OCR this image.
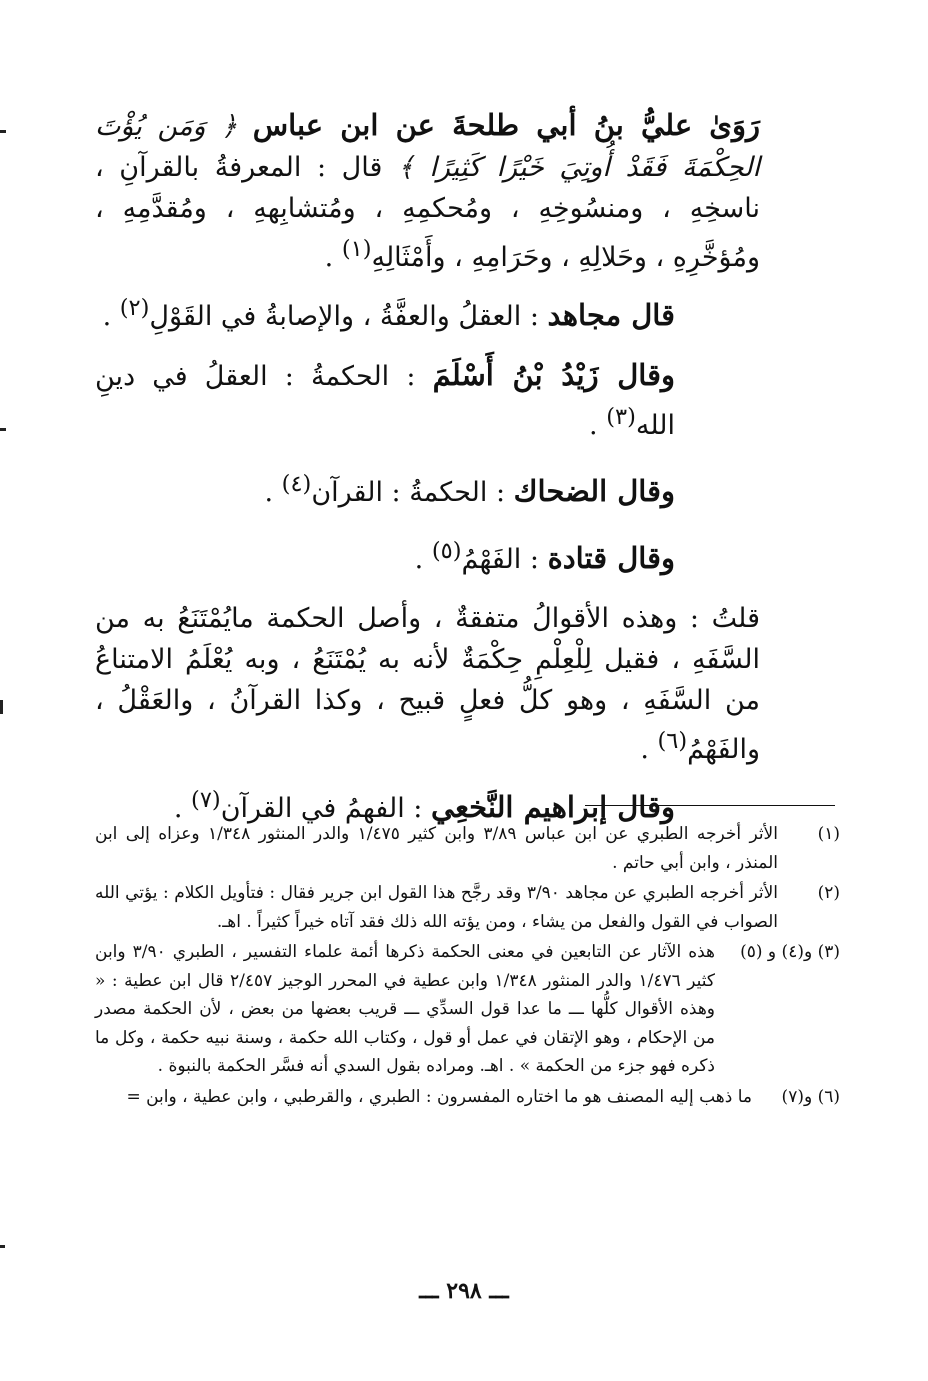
رَوَىٰ عليُّ بنُ أبي طلحةَ عن ابن عباس ﴿ وَمَن يُؤْتَ الحِكْمَةَ فَقَدْ أُوتِيَ خَيْرًا كَثِيرًا ﴾ قال : المعرفةُ بالقرآنِ ، ناسخِهِ ، ومنسُوخِهِ ، ومُحكمِهِ ، ومُتشابِههِ ، ومُقدَّمِهِ ، ومُؤخَّرِهِ ، وحَلالِهِ ، وحَرَامِهِ ، وأَمْثَالِهِ$^{(١)}$ .

قال مجاهد : العقلُ والعفَّةُ ، والإصابةُ في القَوْلِ$^{(٢)}$ .

وقال زَيْدُ بْنُ أَسْلَمَ : الحكمةُ : العقلُ في دينِ الله$^{(٣)}$ .

وقال الضحاك : الحكمةُ : القرآن$^{(٤)}$ .

وقال قتادة : الفَهْمُ$^{(٥)}$ .

قلتُ : وهذه الأقوالُ متفقةٌ ، وأصل الحكمة مايُمْتَنَعُ به من السَّفَهِ ، فقيل لِلْعِلْمِ حِكْمَةٌ لأنه به يُمْتَنَعُ ، وبه يُعْلَمُ الامتناعُ من السَّفَهِ ، وهو كلُّ فعلٍ قبيح ، وكذا القرآنُ ، والعَقْلُ ، والفَهْمُ$^{(٦)}$ .

وقال إبراهيم النَّخعِي : الفهمُ في القرآن$^{(٧)}$ .

(١)
الأثر أخرجه الطبري عن ابن عباس ٣/٨٩ وابن كثير ١/٤٧٥ والدر المنثور ١/٣٤٨ وعزاه إلى ابن المنذر ، وابن أبي حاتم .
(٢)
الأثر أخرجه الطبري عن مجاهد ٣/٩٠ وقد رجَّح هذا القول ابن جرير فقال : فتأويل الكلام : يؤتي الله الصواب في القول والفعل من يشاء ، ومن يؤته الله ذلك فقد آتاه خيراً كثيراً . اهـ.
(٣) و(٤) و (٥)
هذه الآثار عن التابعين في معنى الحكمة ذكرها أئمة علماء التفسير ، الطبري ٣/٩٠ وابن كثير ١/٤٧٦ والدر المنثور ١/٣٤٨ وابن عطية في المحرر الوجيز ٢/٤٥٧ قال ابن عطية : « وهذه الأقوال كلُّها ـــ ما عدا قول السدِّي ـــ قريب بعضها من بعض ، لأن الحكمة مصدر من الإحكام ، وهو الإتقان في عمل أو قول ، وكتاب الله حكمة ، وسنة نبيه حكمة ، وكل ما ذكره فهو جزء من الحكمة » . اهـ. ومراده بقول السدي أنه فسَّر الحكمة بالنبوة .
(٦) و(٧)
ما ذهب إليه المصنف هو ما اختاره المفسرون : الطبري ، والقرطبي ، وابن عطية ، وابن =
ـــ ٢٩٨ ـــ
